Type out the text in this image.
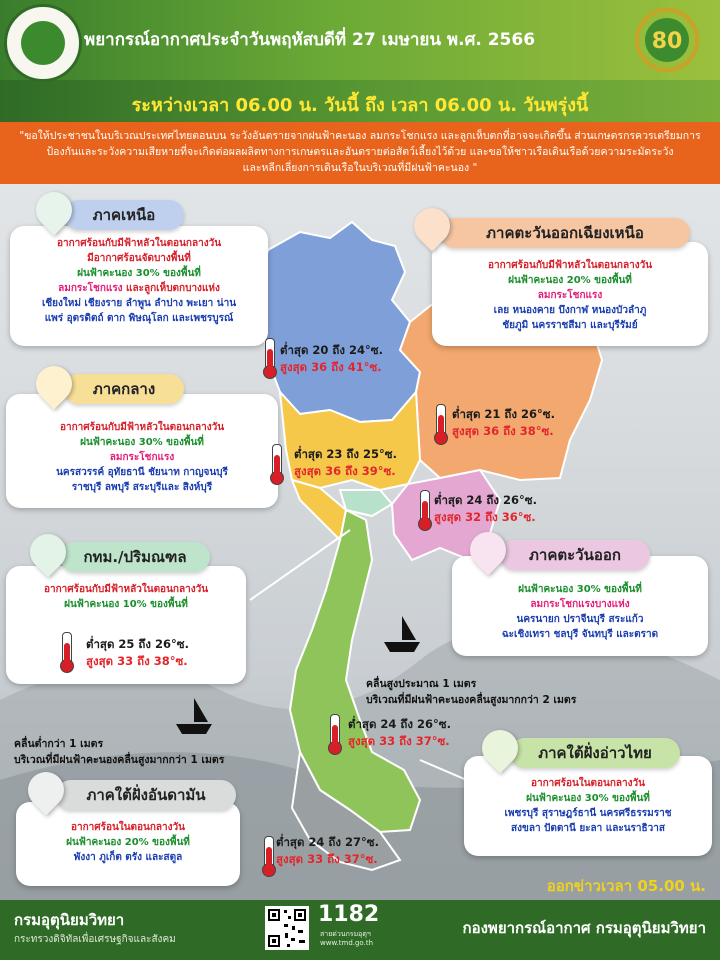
พยากรณ์อากาศประจำวันพฤหัสบดีที่ 27 เมษายน พ.ศ. 2566	80
ระหว่างเวลา 06.00 น. วันนี้ ถึง เวลา 06.00 น. วันพรุ่งนี้
"ขอให้ประชาชนในบริเวณประเทศไทยตอนบน ระวังอันตรายจากฝนฟ้าคะนอง ลมกระโชกแรง และลูกเห็บตกที่อาจจะเกิดขึ้น ส่วนเกษตรกรควรเตรียมการ
ป้องกันและระวังความเสียหายที่จะเกิดต่อผลผลิตทางการเกษตรและอันตรายต่อสัตว์เลี้ยงไว้ด้วย และขอให้ชาวเรือเดินเรือด้วยความระมัดระวัง
และหลีกเลี่ยงการเดินเรือในบริเวณที่มีฝนฟ้าคะนอง "
อากาศร้อนกับมีฟ้าหลัวในตอนกลางวัน
มีอากาศร้อนจัดบางพื้นที่
ฝนฟ้าคะนอง 30% ของพื้นที่
ลมกระโชกแรง และลูกเห็บตกบางแห่ง
เชียงใหม่ เชียงราย ลำพูน ลำปาง พะเยา น่าน
แพร่ อุตรดิตถ์ ตาก พิษณุโลก และเพชรบูรณ์
ภาคเหนือ
ต่ำสุด 20 ถึง 24°ซ.
สูงสุด 36 ถึง 41°ซ.
อากาศร้อนกับมีฟ้าหลัวในตอนกลางวัน
ฝนฟ้าคะนอง 20% ของพื้นที่
ลมกระโชกแรง
เลย หนองคาย บึงกาฬ หนองบัวลำภู
ชัยภูมิ นครราชสีมา และบุรีรัมย์
ภาคตะวันออกเฉียงเหนือ
ต่ำสุด 21 ถึง 26°ซ.
สูงสุด 36 ถึง 38°ซ.
อากาศร้อนกับมีฟ้าหลัวในตอนกลางวัน
ฝนฟ้าคะนอง 30% ของพื้นที่
ลมกระโชกแรง
นครสวรรค์ อุทัยธานี ชัยนาท กาญจนบุรี
ราชบุรี ลพบุรี สระบุรีและ สิงห์บุรี
ภาคกลาง
ต่ำสุด 23 ถึง 25°ซ.
สูงสุด 36 ถึง 39°ซ.
ต่ำสุด 24 ถึง 26°ซ.
สูงสุด 32 ถึง 36°ซ.
อากาศร้อนกับมีฟ้าหลัวในตอนกลางวัน
ฝนฟ้าคะนอง 10% ของพื้นที่
กทม./ปริมณฑล
ต่ำสุด 25 ถึง 26°ซ.
สูงสุด 33 ถึง 38°ซ.
ฝนฟ้าคะนอง 30% ของพื้นที่
ลมกระโชกแรงบางแห่ง
นครนายก ปราจีนบุรี สระแก้ว
ฉะเชิงเทรา ชลบุรี จันทบุรี และตราด
ภาคตะวันออก
คลื่นสูงประมาณ 1 เมตร
บริเวณที่มีฝนฟ้าคะนองคลื่นสูงมากกว่า 2 เมตร
คลื่นต่ำกว่า 1 เมตร
บริเวณที่มีฝนฟ้าคะนองคลื่นสูงมากกว่า 1 เมตร
ต่ำสุด 24 ถึง 26°ซ.
สูงสุด 33 ถึง 37°ซ.
อากาศร้อนในตอนกลางวัน
ฝนฟ้าคะนอง 30% ของพื้นที่
เพชรบุรี สุราษฎร์ธานี นครศรีธรรมราช
สงขลา ปัตตานี ยะลา และนราธิวาส
ภาคใต้ฝั่งอ่าวไทย
อากาศร้อนในตอนกลางวัน
ฝนฟ้าคะนอง 20% ของพื้นที่
พังงา ภูเก็ต ตรัง และสตูล
ภาคใต้ฝั่งอันดามัน
ต่ำสุด 24 ถึง 27°ซ.
สูงสุด 33 ถึง 37°ซ.
ออกข่าวเวลา 05.00 น.
กรมอุตุนิยมวิทยา
กระทรวงดิจิทัลเพื่อเศรษฐกิจและสังคม
1182
สายด่วนกรมอุตุฯ
www.tmd.go.th
กองพยากรณ์อากาศ กรมอุตุนิยมวิทยา
